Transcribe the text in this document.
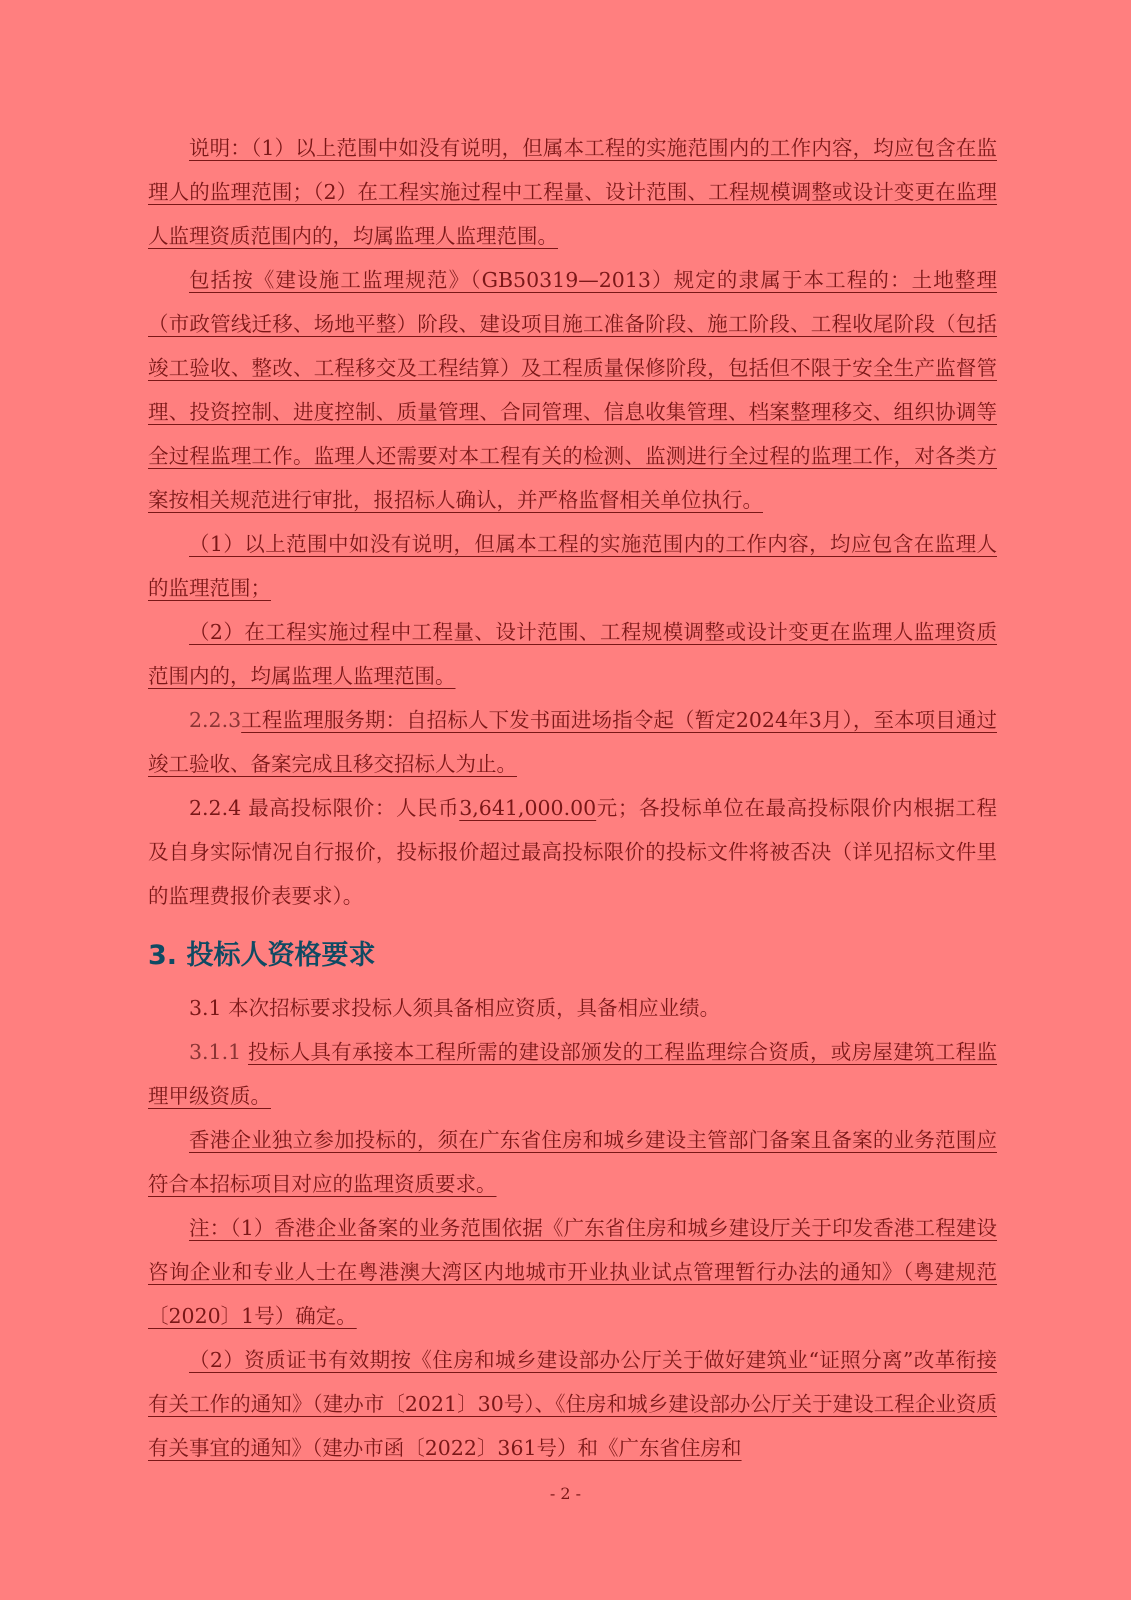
说明：（1）以上范围中如没有说明，但属本工程的实施范围内的工作内容，均应包含在监理人的监理范围；（2）在工程实施过程中工程量、设计范围、工程规模调整或设计变更在监理人监理资质范围内的，均属监理人监理范围。

包括按《建设施工监理规范》（GB50319—2013）规定的隶属于本工程的：土地整理（市政管线迁移、场地平整）阶段、建设项目施工准备阶段、施工阶段、工程收尾阶段（包括竣工验收、整改、工程移交及工程结算）及工程质量保修阶段，包括但不限于安全生产监督管理、投资控制、进度控制、质量管理、合同管理、信息收集管理、档案整理移交、组织协调等全过程监理工作。监理人还需要对本工程有关的检测、监测进行全过程的监理工作，对各类方案按相关规范进行审批，报招标人确认，并严格监督相关单位执行。

（1）以上范围中如没有说明，但属本工程的实施范围内的工作内容，均应包含在监理人的监理范围；

（2）在工程实施过程中工程量、设计范围、工程规模调整或设计变更在监理人监理资质范围内的，均属监理人监理范围。

2.2.3工程监理服务期：自招标人下发书面进场指令起（暂定2024年3月），至本项目通过竣工验收、备案完成且移交招标人为止。

2.2.4 最高投标限价：人民币3,641,000.00元；各投标单位在最高投标限价内根据工程及自身实际情况自行报价，投标报价超过最高投标限价的投标文件将被否决（详见招标文件里的监理费报价表要求）。

3. 投标人资格要求

3.1 本次招标要求投标人须具备相应资质，具备相应业绩。

3.1.1 投标人具有承接本工程所需的建设部颁发的工程监理综合资质，或房屋建筑工程监理甲级资质。

香港企业独立参加投标的，须在广东省住房和城乡建设主管部门备案且备案的业务范围应符合本招标项目对应的监理资质要求。

注：（1）香港企业备案的业务范围依据《广东省住房和城乡建设厅关于印发香港工程建设咨询企业和专业人士在粤港澳大湾区内地城市开业执业试点管理暂行办法的通知》（粤建规范〔2020〕1号）确定。

（2）资质证书有效期按《住房和城乡建设部办公厅关于做好建筑业“证照分离”改革衔接有关工作的通知》（建办市〔2021〕30号）、《住房和城乡建设部办公厅关于建设工程企业资质有关事宜的通知》（建办市函〔2022〕361号）和《广东省住房和

- 2 -
